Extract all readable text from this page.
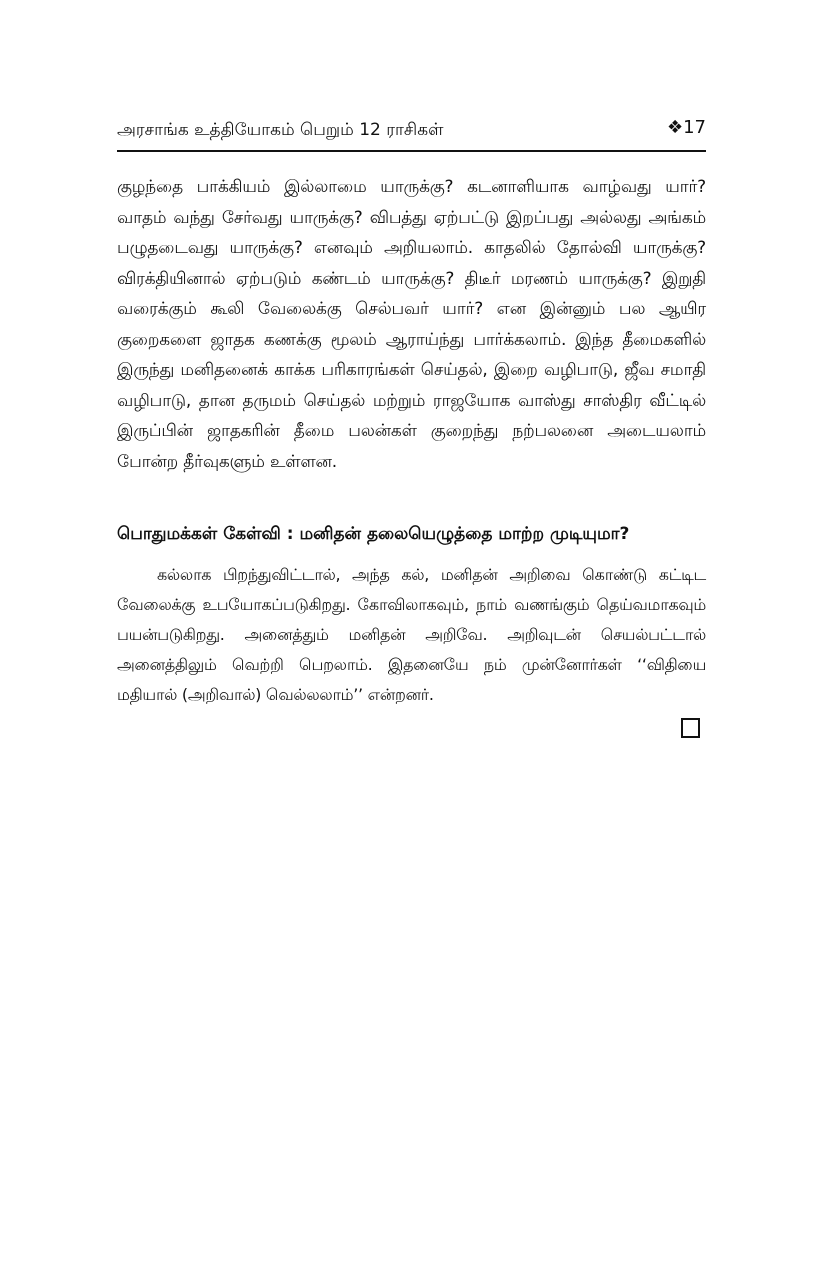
அரசாங்க உத்தியோகம் பெறும் 12 ராசிகள்	❖17

குழந்தை பாக்கியம் இல்லாமை யாருக்கு? கடனாளியாக வாழ்வது யார்? வாதம் வந்து சேர்வது யாருக்கு? விபத்து ஏற்பட்டு இறப்பது அல்லது அங்கம் பழுதடைவது யாருக்கு? எனவும் அறியலாம். காதலில் தோல்வி யாருக்கு? விரக்தியினால் ஏற்படும் கண்டம் யாருக்கு? திடீர் மரணம் யாருக்கு? இறுதி வரைக்கும் கூலி வேலைக்கு செல்பவர் யார்? என இன்னும் பல ஆயிர குறைகளை ஜாதக கணக்கு மூலம் ஆராய்ந்து பார்க்கலாம். இந்த தீமைகளில் இருந்து மனிதனைக் காக்க பரிகாரங்கள் செய்தல், இறை வழிபாடு, ஜீவ சமாதி வழிபாடு, தான தருமம் செய்தல் மற்றும் ராஜயோக வாஸ்து சாஸ்திர வீட்டில் இருப்பின் ஜாதகரின் தீமை பலன்கள் குறைந்து நற்பலனை அடையலாம் போன்ற தீர்வுகளும் உள்ளன.

பொதுமக்கள் கேள்வி : மனிதன் தலையெழுத்தை மாற்ற முடியுமா?

கல்லாக பிறந்துவிட்டால், அந்த கல், மனிதன் அறிவை கொண்டு கட்டிட வேலைக்கு உபயோகப்படுகிறது. கோவிலாகவும், நாம் வணங்கும் தெய்வமாகவும் பயன்படுகிறது. அனைத்தும் மனிதன் அறிவே. அறிவுடன் செயல்பட்டால் அனைத்திலும் வெற்றி பெறலாம். இதனையே நம் முன்னோர்கள் ‘‘விதியை மதியால் (அறிவால்) வெல்லலாம்’’ என்றனர்.
